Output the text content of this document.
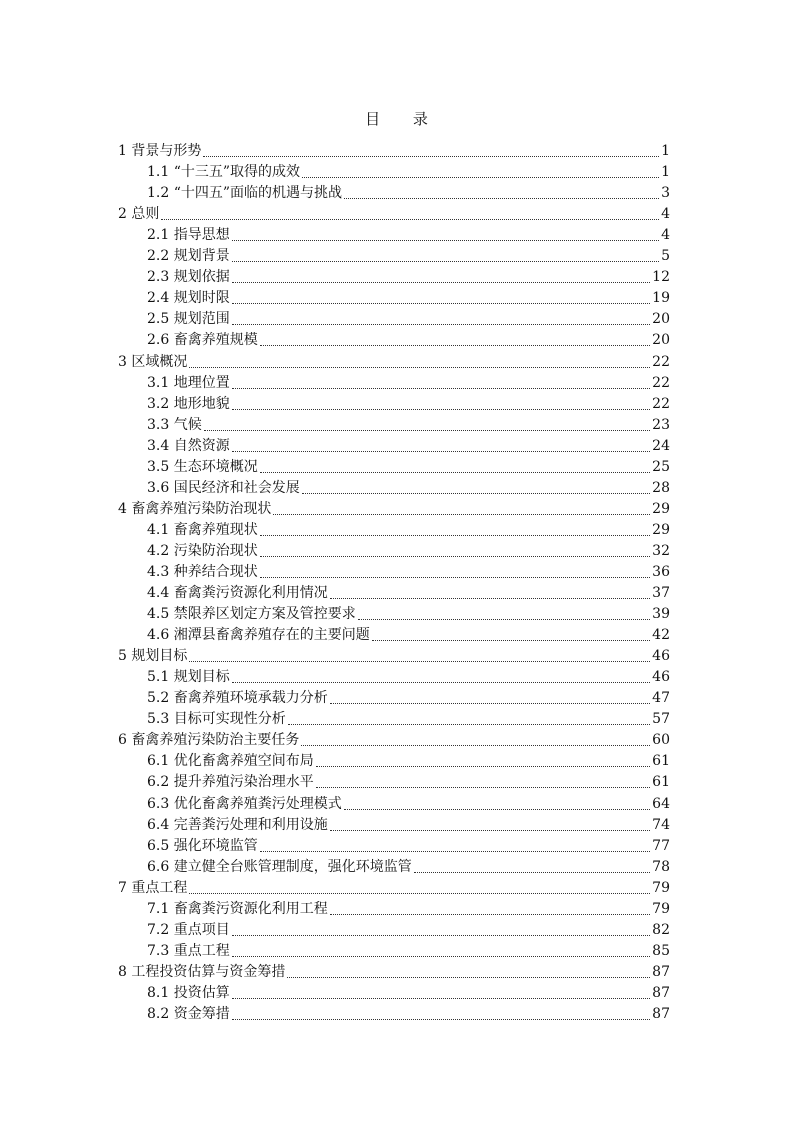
目 录
1 背景与形势	1
1.1 “十三五”取得的成效	1
1.2 “十四五”面临的机遇与挑战	3
2 总则	4
2.1 指导思想	4
2.2 规划背景	5
2.3 规划依据	12
2.4 规划时限	19
2.5 规划范围	20
2.6 畜禽养殖规模	20
3 区域概况	22
3.1 地理位置	22
3.2 地形地貌	22
3.3 气候	23
3.4 自然资源	24
3.5 生态环境概况	25
3.6 国民经济和社会发展	28
4 畜禽养殖污染防治现状	29
4.1 畜禽养殖现状	29
4.2 污染防治现状	32
4.3 种养结合现状	36
4.4 畜禽粪污资源化利用情况	37
4.5 禁限养区划定方案及管控要求	39
4.6 湘潭县畜禽养殖存在的主要问题	42
5 规划目标	46
5.1 规划目标	46
5.2 畜禽养殖环境承载力分析	47
5.3 目标可实现性分析	57
6 畜禽养殖污染防治主要任务	60
6.1 优化畜禽养殖空间布局	61
6.2 提升养殖污染治理水平	61
6.3 优化畜禽养殖粪污处理模式	64
6.4 完善粪污处理和利用设施	74
6.5 强化环境监管	77
6.6 建立健全台账管理制度，强化环境监管	78
7 重点工程	79
7.1 畜禽粪污资源化利用工程	79
7.2 重点项目	82
7.3 重点工程	85
8 工程投资估算与资金筹措	87
8.1 投资估算	87
8.2 资金筹措	87
